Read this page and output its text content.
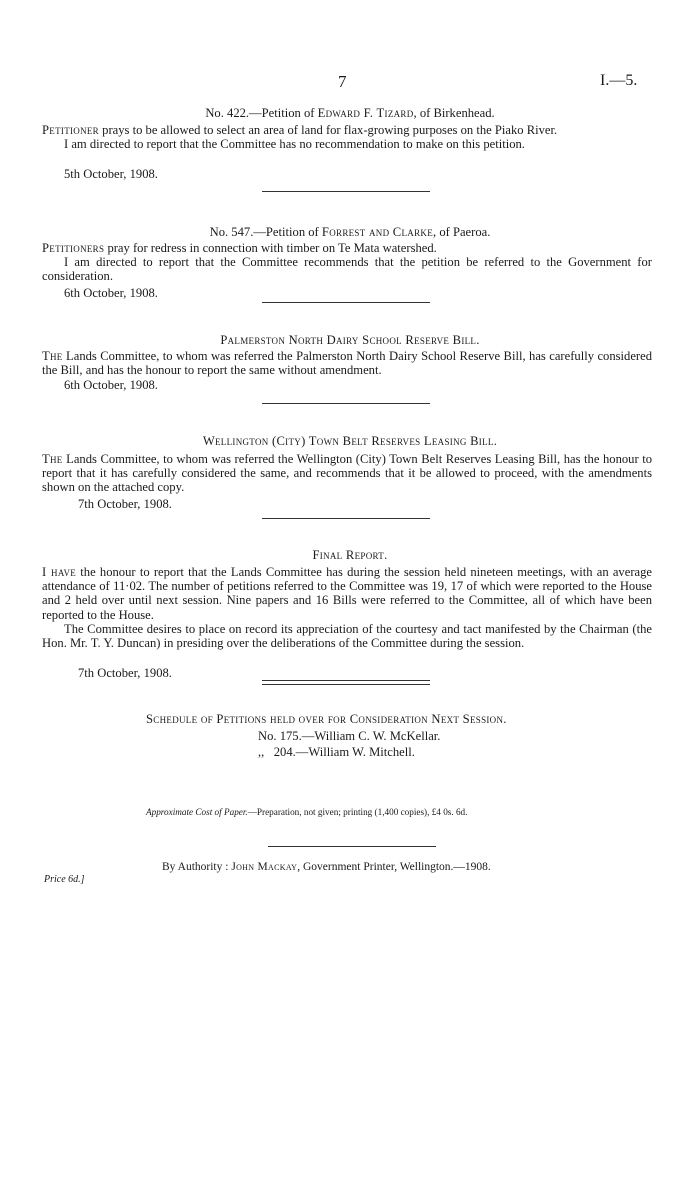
7	I.—5.
No. 422.—Petition of Edward F. Tizard, of Birkenhead.

Petitioner prays to be allowed to select an area of land for flax-growing purposes on the Piako River.

I am directed to report that the Committee has no recommendation to make on this petition.

5th October, 1908.
No. 547.—Petition of Forrest and Clarke, of Paeroa.

Petitioners pray for redress in connection with timber on Te Mata watershed.

I am directed to report that the Committee recommends that the petition be referred to the Government for consideration.

6th October, 1908.
Palmerston North Dairy School Reserve Bill.

The Lands Committee, to whom was referred the Palmerston North Dairy School Reserve Bill, has carefully considered the Bill, and has the honour to report the same without amendment.

6th October, 1908.
Wellington (City) Town Belt Reserves Leasing Bill.

The Lands Committee, to whom was referred the Wellington (City) Town Belt Reserves Leasing Bill, has the honour to report that it has carefully considered the same, and recommends that it be allowed to proceed, with the amendments shown on the attached copy.

7th October, 1908.
Final Report.

I have the honour to report that the Lands Committee has during the session held nineteen meetings, with an average attendance of 11·02. The number of petitions referred to the Committee was 19, 17 of which were reported to the House and 2 held over until next session. Nine papers and 16 Bills were referred to the Committee, all of which have been reported to the House.

The Committee desires to place on record its appreciation of the courtesy and tact manifested by the Chairman (the Hon. Mr. T. Y. Duncan) in presiding over the deliberations of the Committee during the session.

7th October, 1908.
Schedule of Petitions held over for Consideration Next Session.
No. 175.—William C. W. McKellar.
,,   204.—William W. Mitchell.
Approximate Cost of Paper.—Preparation, not given; printing (1,400 copies), £4 0s. 6d.
By Authority : John Mackay, Government Printer, Wellington.—1908.
Price 6d.]
